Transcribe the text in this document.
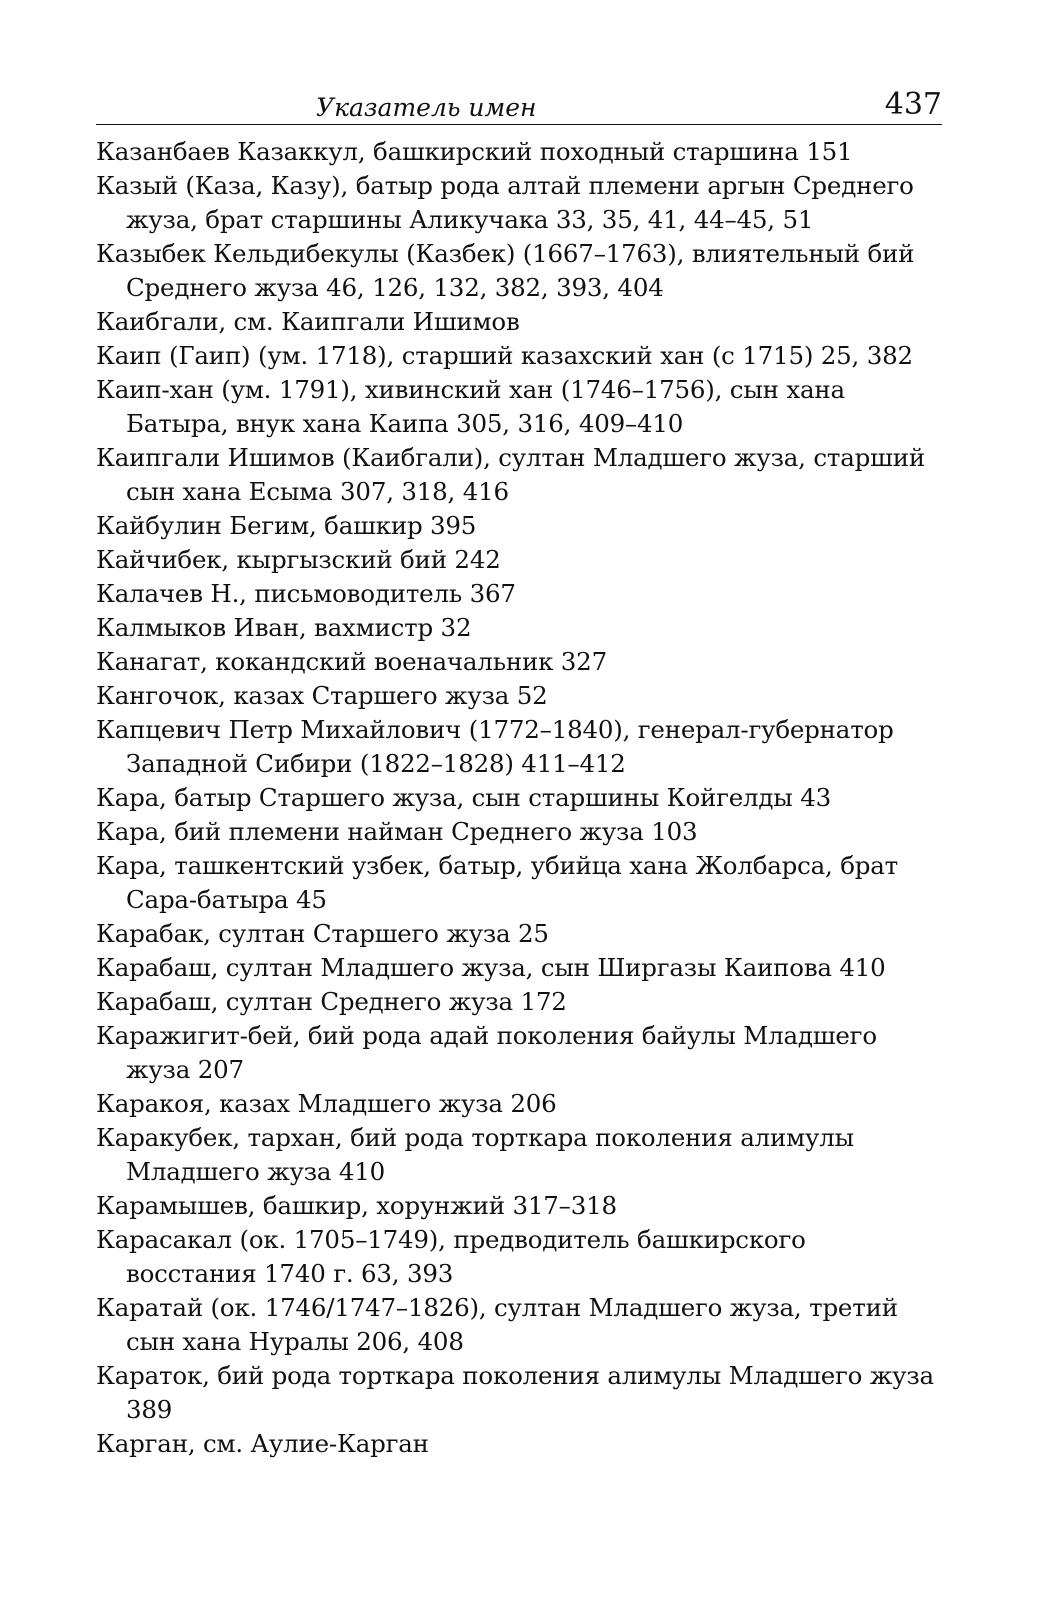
Указатель имен	437
Казанбаев Казаккул, башкирский походный старшина 151
Казый (Каза, Казу), батыр рода алтай племени аргын Среднего жуза, брат старшины Аликучака 33, 35, 41, 44–45, 51
Казыбек Кельдибекулы (Казбек) (1667–1763), влиятельный бий Среднего жуза 46, 126, 132, 382, 393, 404
Каибгали, см. Каипгали Ишимов
Каип (Гаип) (ум. 1718), старший казахский хан (с 1715) 25, 382
Каип-хан (ум. 1791), хивинский хан (1746–1756), сын хана Батыра, внук хана Каипа 305, 316, 409–410
Каипгали Ишимов (Каибгали), султан Младшего жуза, старший сын хана Есыма 307, 318, 416
Кайбулин Бегим, башкир 395
Кайчибек, кыргызский бий 242
Калачев Н., письмоводитель 367
Калмыков Иван, вахмистр 32
Канагат, кокандский военачальник 327
Кангочок, казах Старшего жуза 52
Капцевич Петр Михайлович (1772–1840), генерал-губернатор Западной Сибири (1822–1828) 411–412
Кара, батыр Старшего жуза, сын старшины Койгелды 43
Кара, бий племени найман Среднего жуза 103
Кара, ташкентский узбек, батыр, убийца хана Жолбарса, брат Сара-батыра 45
Карабак, султан Старшего жуза 25
Карабаш, султан Младшего жуза, сын Ширгазы Каипова 410
Карабаш, султан Среднего жуза 172
Каражигит-бей, бий рода адай поколения байулы Младшего жуза 207
Каракоя, казах Младшего жуза 206
Каракубек, тархан, бий рода торткара поколения алимулы Младшего жуза 410
Карамышев, башкир, хорунжий 317–318
Карасакал (ок. 1705–1749), предводитель башкирского восстания 1740 г. 63, 393
Каратай (ок. 1746/1747–1826), султан Младшего жуза, третий сын хана Нуралы 206, 408
Караток, бий рода торткара поколения алимулы Младшего жуза 389
Карган, см. Аулие-Карган
